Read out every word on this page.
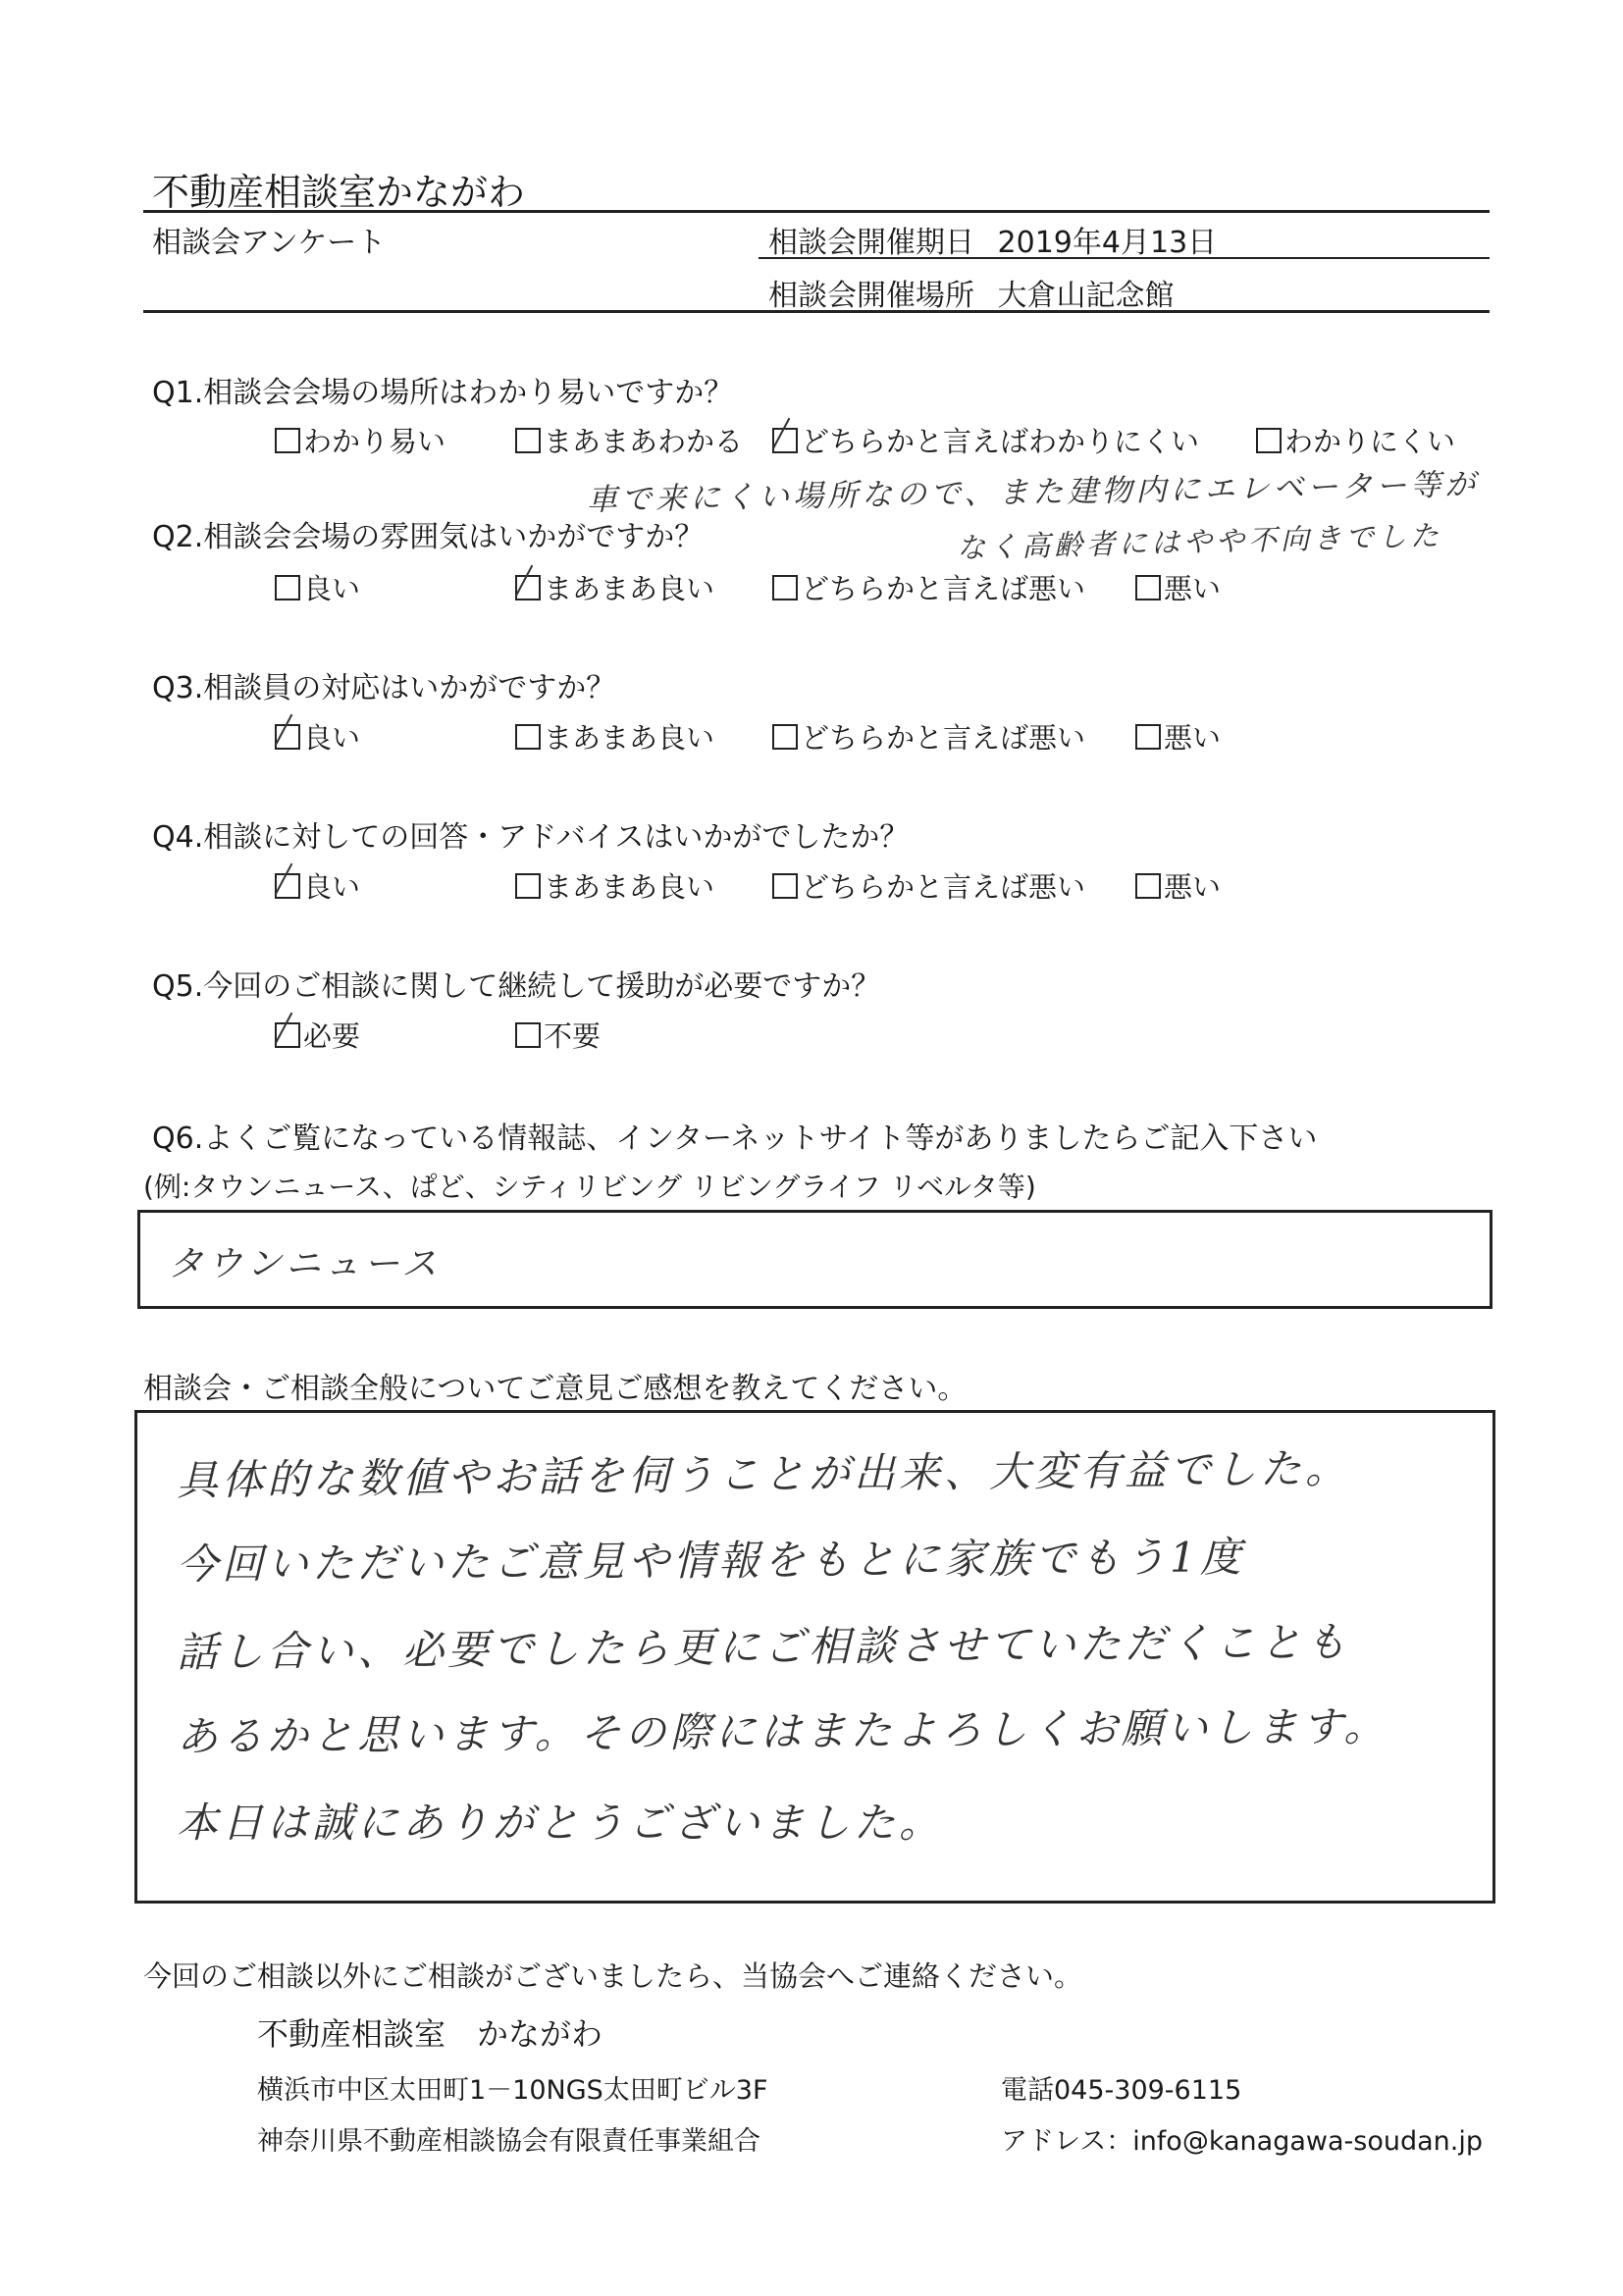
不動産相談室かながわ
相談会アンケート	相談会開催期日 2019年4月13日
相談会開催場所 大倉山記念館
Q1.相談会会場の場所はわかり易いですか？
わかり易い	まあまあわかる	どちらかと言えばわかりにくい	わかりにくい
車で来にくい場所なので、また建物内にエレベーター等が
なく高齢者にはやや不向きでした
Q2.相談会会場の雰囲気はいかがですか？
良い	まあまあ良い	どちらかと言えば悪い	悪い
Q3.相談員の対応はいかがですか？
良い	まあまあ良い	どちらかと言えば悪い	悪い
Q4.相談に対しての回答・アドバイスはいかがでしたか？
良い	まあまあ良い	どちらかと言えば悪い	悪い
Q5.今回のご相談に関して継続して援助が必要ですか？
必要	不要
Q6.よくご覧になっている情報誌、インターネットサイト等がありましたらご記入下さい
(例:タウンニュース、ぱど、シティリビング リビングライフ リベルタ等)
タウンニュース
相談会・ご相談全般についてご意見ご感想を教えてください。
具体的な数値やお話を伺うことが出来、大変有益でした。
今回いただいたご意見や情報をもとに家族でもう1度
話し合い、必要でしたら更にご相談させていただくことも
あるかと思います。その際にはまたよろしくお願いします。
本日は誠にありがとうございました。
今回のご相談以外にご相談がございましたら、当協会へご連絡ください。
不動産相談室　かながわ
横浜市中区太田町1－10NGS太田町ビル3F	電話045-309-6115
神奈川県不動産相談協会有限責任事業組合	アドレス：info@kanagawa-soudan.jp
